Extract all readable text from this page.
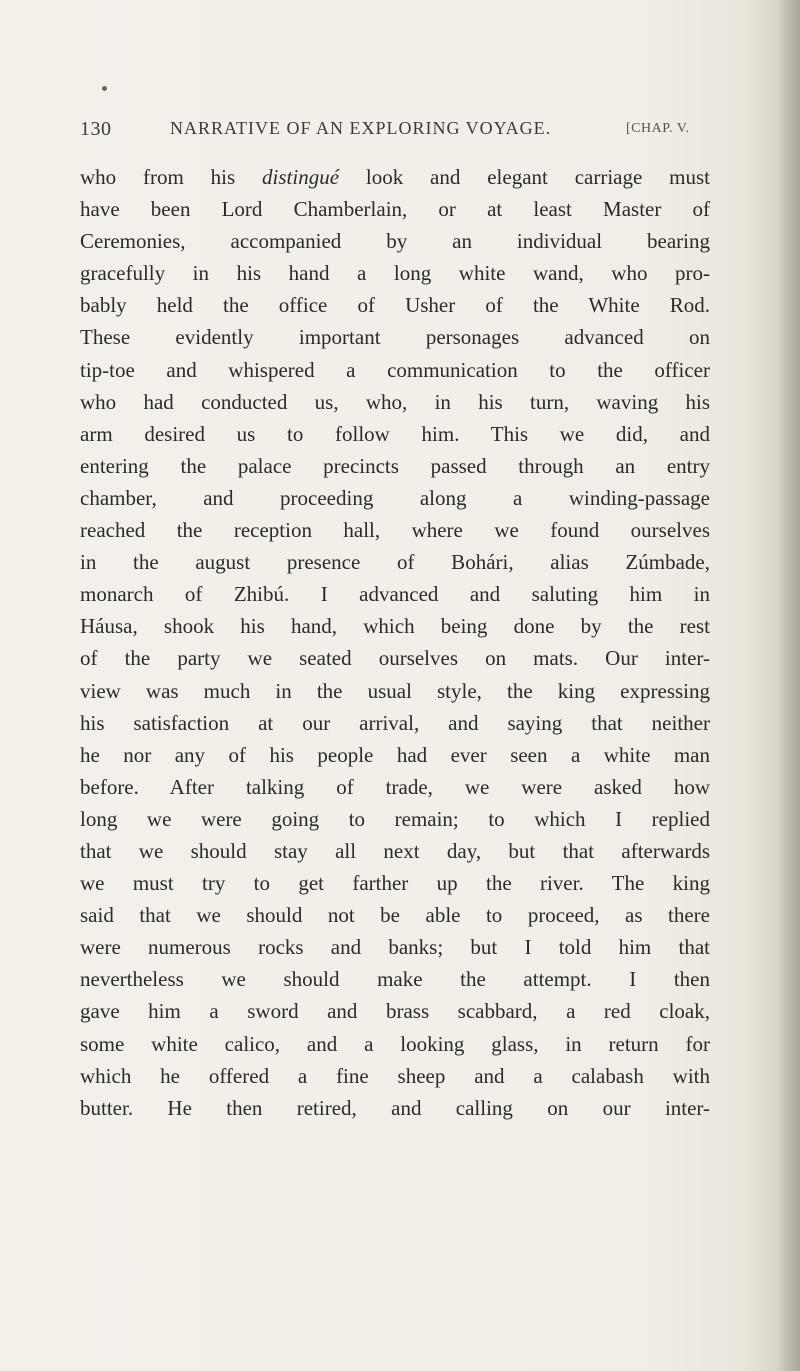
130	NARRATIVE OF AN EXPLORING VOYAGE.	[CHAP. V.
who from his distingué look and elegant carriage must
have been Lord Chamberlain, or at least Master of
Ceremonies, accompanied by an individual bearing
gracefully in his hand a long white wand, who pro-
bably held the office of Usher of the White Rod.
These evidently important personages advanced on
tip-toe and whispered a communication to the officer
who had conducted us, who, in his turn, waving his
arm desired us to follow him. This we did, and
entering the palace precincts passed through an entry
chamber, and proceeding along a winding-passage
reached the reception hall, where we found ourselves
in the august presence of Bohári, alias Zúmbade,
monarch of Zhibú. I advanced and saluting him in
Háusa, shook his hand, which being done by the rest
of the party we seated ourselves on mats. Our inter-
view was much in the usual style, the king expressing
his satisfaction at our arrival, and saying that neither
he nor any of his people had ever seen a white man
before. After talking of trade, we were asked how
long we were going to remain; to which I replied
that we should stay all next day, but that afterwards
we must try to get farther up the river. The king
said that we should not be able to proceed, as there
were numerous rocks and banks; but I told him that
nevertheless we should make the attempt. I then
gave him a sword and brass scabbard, a red cloak,
some white calico, and a looking glass, in return for
which he offered a fine sheep and a calabash with
butter. He then retired, and calling on our inter-
